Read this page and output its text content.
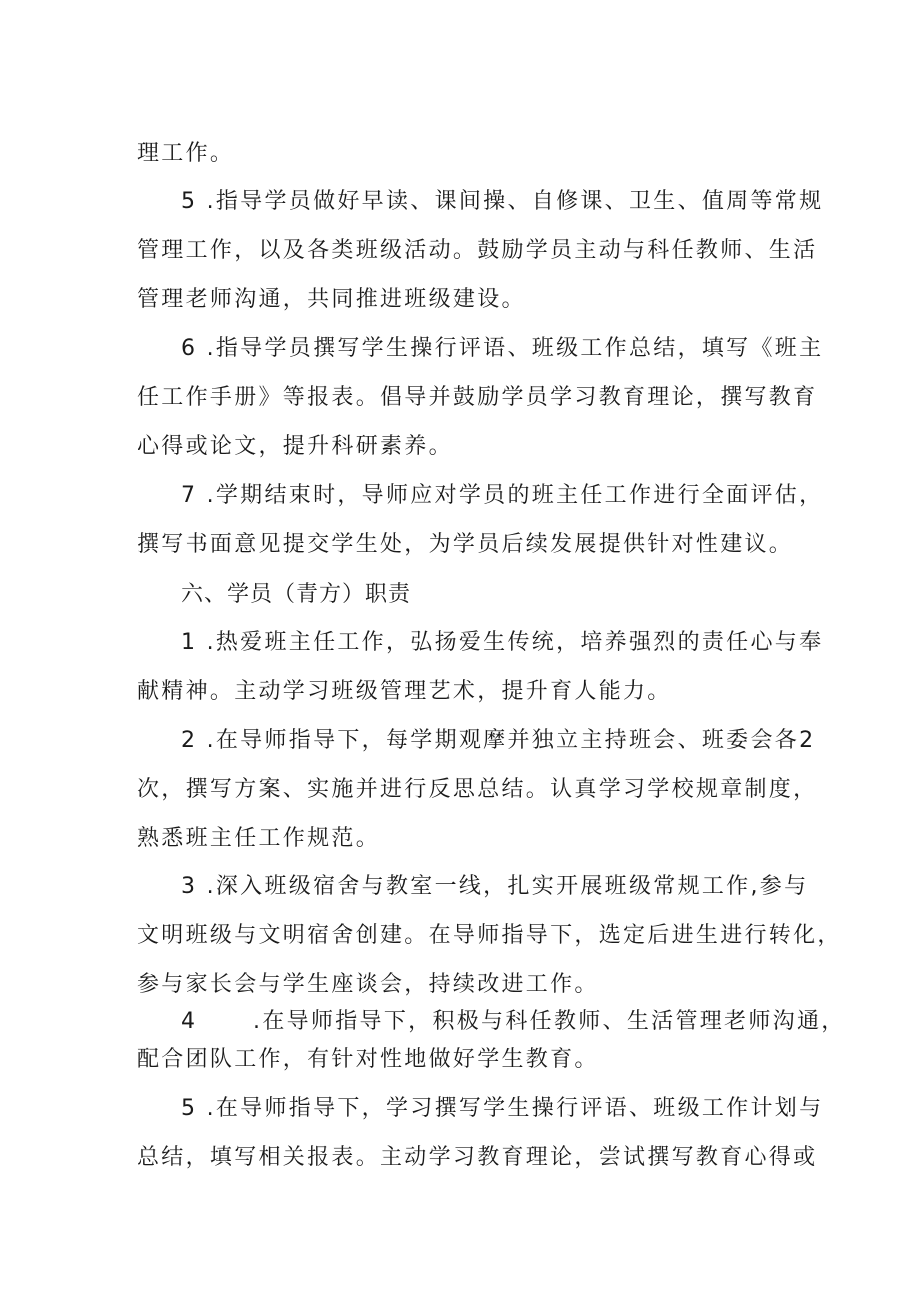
理工作。
5 .指导学员做好早读、课间操、自修课、卫生、值周等常规
管理工作，以及各类班级活动。鼓励学员主动与科任教师、生活
管理老师沟通，共同推进班级建设。
6 .指导学员撰写学生操行评语、班级工作总结，填写《班主
任工作手册》等报表。倡导并鼓励学员学习教育理论，撰写教育
心得或论文，提升科研素养。
7 .学期结束时，导师应对学员的班主任工作进行全面评估，
撰写书面意见提交学生处，为学员后续发展提供针对性建议。
六、学员（青方）职责
1 .热爱班主任工作，弘扬爱生传统，培养强烈的责任心与奉
献精神。主动学习班级管理艺术，提升育人能力。
2 .在导师指导下，每学期观摩并独立主持班会、班委会各2
次，撰写方案、实施并进行反思总结。认真学习学校规章制度，
熟悉班主任工作规范。
3 .深入班级宿舍与教室一线，扎实开展班级常规工作,参与
文明班级与文明宿舍创建。在导师指导下，选定后进生进行转化，
参与家长会与学生座谈会，持续改进工作。
4      .在导师指导下，积极与科任教师、生活管理老师沟通，
配合团队工作，有针对性地做好学生教育。
5 .在导师指导下，学习撰写学生操行评语、班级工作计划与
总结，填写相关报表。主动学习教育理论，尝试撰写教育心得或
